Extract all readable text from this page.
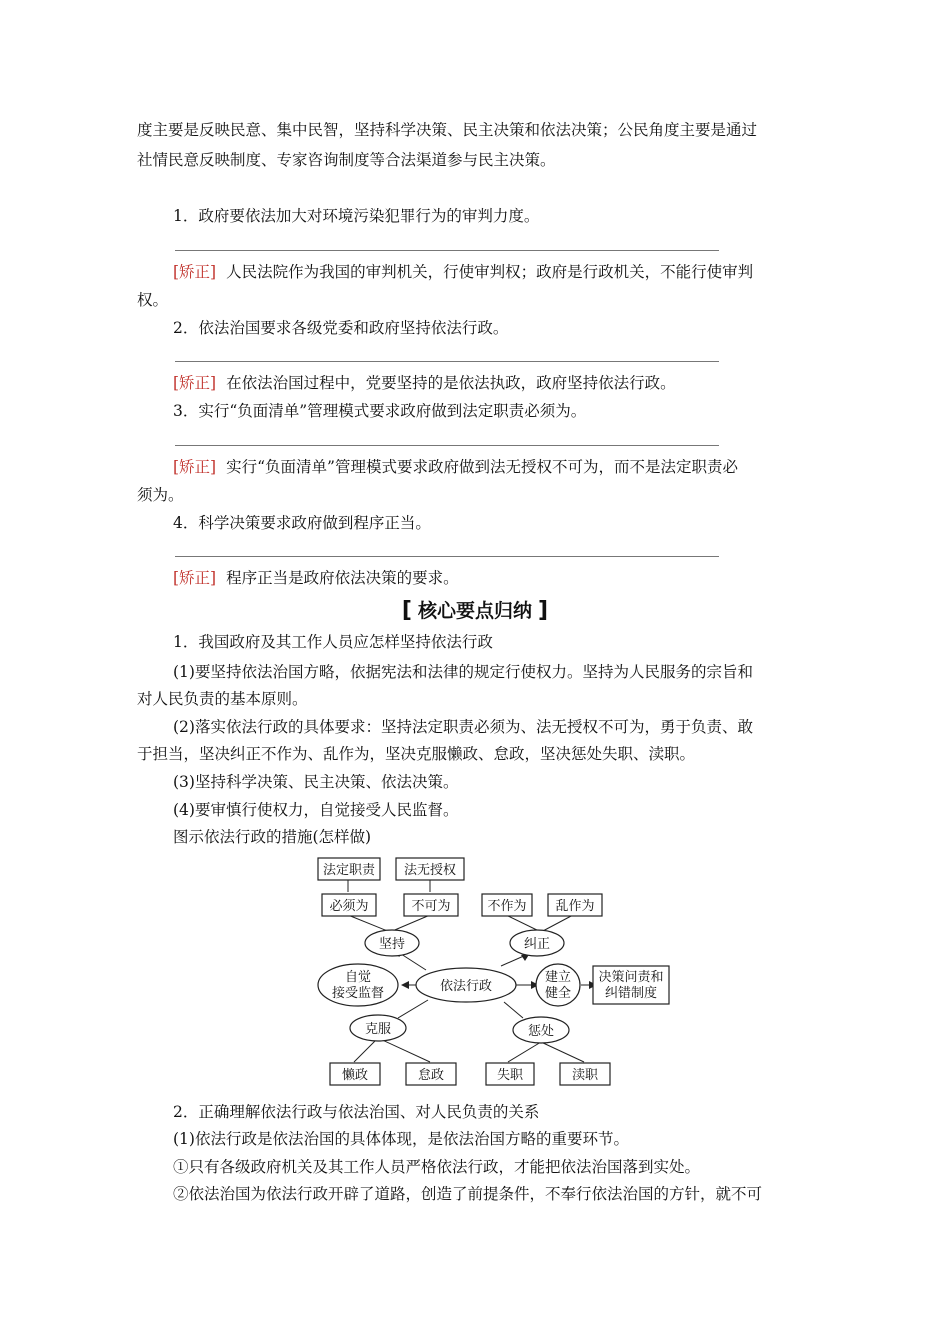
度主要是反映民意、集中民智，坚持科学决策、民主决策和依法决策；公民角度主要是通过
社情民意反映制度、专家咨询制度等合法渠道参与民主决策。
1．政府要依法加大对环境污染犯罪行为的审判力度。
[矫正] 人民法院作为我国的审判机关，行使审判权；政府是行政机关，不能行使审判
权。
2．依法治国要求各级党委和政府坚持依法行政。
[矫正] 在依法治国过程中，党要坚持的是依法执政，政府坚持依法行政。
3．实行“负面清单”管理模式要求政府做到法定职责必须为。
[矫正] 实行“负面清单”管理模式要求政府做到法无授权不可为，而不是法定职责必
须为。
4．科学决策要求政府做到程序正当。
[矫正] 程序正当是政府依法决策的要求。
[ 核心要点归纳 ]
1．我国政府及其工作人员应怎样坚持依法行政
(1)要坚持依法治国方略，依据宪法和法律的规定行使权力。坚持为人民服务的宗旨和
对人民负责的基本原则。
(2)落实依法行政的具体要求：坚持法定职责必须为、法无授权不可为，勇于负责、敢
于担当，坚决纠正不作为、乱作为，坚决克服懒政、怠政，坚决惩处失职、渎职。
(3)坚持科学决策、民主决策、依法决策。
(4)要审慎行使权力，自觉接受人民监督。
图示依法行政的措施(怎样做)
法定职责 法无授权
必须为	不可为	不作为 乱作为
坚持	纠正
自觉
接受监督	依法行政
建立
健全
决策问责和
纠错制度
克服	惩处
懒政	怠政	失职	渎职
2．正确理解依法行政与依法治国、对人民负责的关系
(1)依法行政是依法治国的具体体现，是依法治国方略的重要环节。
①只有各级政府机关及其工作人员严格依法行政，才能把依法治国落到实处。
②依法治国为依法行政开辟了道路，创造了前提条件，不奉行依法治国的方针，就不可
